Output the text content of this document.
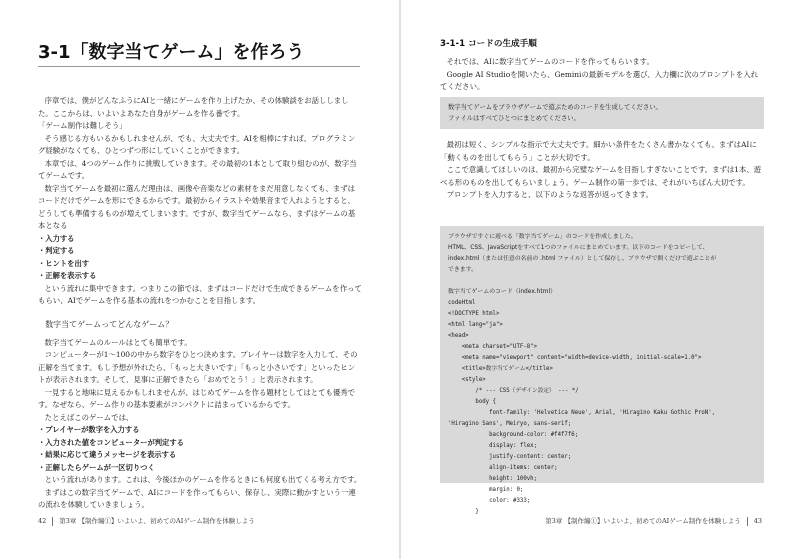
3-1「数字当てゲーム」を作ろう

序章では、僕がどんなふうにAIと一緒にゲームを作り上げたか、その体験談をお話ししました。ここからは、いよいよあなた自身がゲームを作る番です。

「ゲーム制作は難しそう」

そう感じる方もいるかもしれませんが、でも、大丈夫です。AIを相棒にすれば、プログラミング経験がなくても、ひとつずつ形にしていくことができます。

本章では、4つのゲーム作りに挑戦していきます。その最初の1本として取り組むのが、数字当てゲームです。

数字当てゲームを最初に選んだ理由は、画像や音楽などの素材をまだ用意しなくても、まずはコードだけでゲームを形にできるからです。最初からイラストや効果音まで入れようとすると、どうしても準備するものが増えてしまいます。ですが、数字当てゲームなら、まずはゲームの基本となる

・ 入力する
・ 判定する
・ ヒントを出す
・ 正解を表示する

という流れに集中できます。つまりこの節では、まずはコードだけで生成できるゲームを作ってもらい、AIでゲームを作る基本の流れをつかむことを目指します。

数字当てゲームってどんなゲーム？

数字当てゲームのルールはとても簡単です。

コンピューターが1〜100の中から数字をひとつ決めます。プレイヤーは数字を入力して、その正解を当てます。もし予想が外れたら、「もっと大きいです」「もっと小さいです」といったヒントが表示されます。そして、見事に正解できたら「おめでとう！」と表示されます。

一見すると地味に見えるかもしれませんが、はじめてゲームを作る題材としてはとても優秀です。なぜなら、ゲーム作りの基本要素がコンパクトに詰まっているからです。

たとえばこのゲームでは、

・ プレイヤーが数字を入力する
・ 入力された値をコンピューターが判定する
・ 結果に応じて違うメッセージを表示する
・ 正解したらゲームが一区切りつく

という流れがあります。これは、今後ほかのゲームを作るときにも何度も出てくる考え方です。

まずはこの数字当てゲームで、AIにコードを作ってもらい、保存し、実際に動かすという一連の流れを体験していきましょう。

42 第3章 【制作編①】いよいよ、初めてのAIゲーム制作を体験しよう
3-1-1 コードの生成手順

それでは、AIに数字当てゲームのコードを作ってもらいます。

Google AI Studioを開いたら、Geminiの最新モデルを選び、入力欄に次のプロンプトを入れてください。

数字当てゲームをブラウザゲームで遊ぶためのコードを生成してください。
ファイルはすべてひとつにまとめてください。

最初は短く、シンプルな指示で大丈夫です。細かい条件をたくさん書かなくても、まずはAIに「動くものを出してもらう」ことが大切です。

ここで意識してほしいのは、最初から完璧なゲームを目指しすぎないことです。まずは1本、遊べる形のものを出してもらいましょう。ゲーム制作の第一歩では、それがいちばん大切です。

プロンプトを入力すると、以下のような返答が返ってきます。

ブラウザですぐに遊べる「数字当てゲーム」のコードを作成しました。
HTML、CSS、JavaScriptをすべて1つのファイルにまとめています。以下のコードをコピーして、
index.html（または任意の名前の .html ファイル）として保存し、ブラウザで開くだけで遊ぶことが
できます。
数字当てゲームのコード（index.html）
codeHtml
<!DOCTYPE html>
<html lang="ja">
<head>
<meta charset="UTF-8">
<meta name="viewport" content="width=device-width, initial-scale=1.0">
<title>数字当てゲーム</title>
<style>
/* --- CSS（デザイン設定） --- */
body {
font-family: 'Helvetica Neue', Arial, 'Hiragino Kaku Gothic ProN',
'Hiragino Sans', Meiryo, sans-serif;
background-color: #f4f7f6;
display: flex;
justify-content: center;
align-items: center;
height: 100vh;
margin: 0;
color: #333;
}
第3章 【制作編①】いよいよ、初めてのAIゲーム制作を体験しよう 43
